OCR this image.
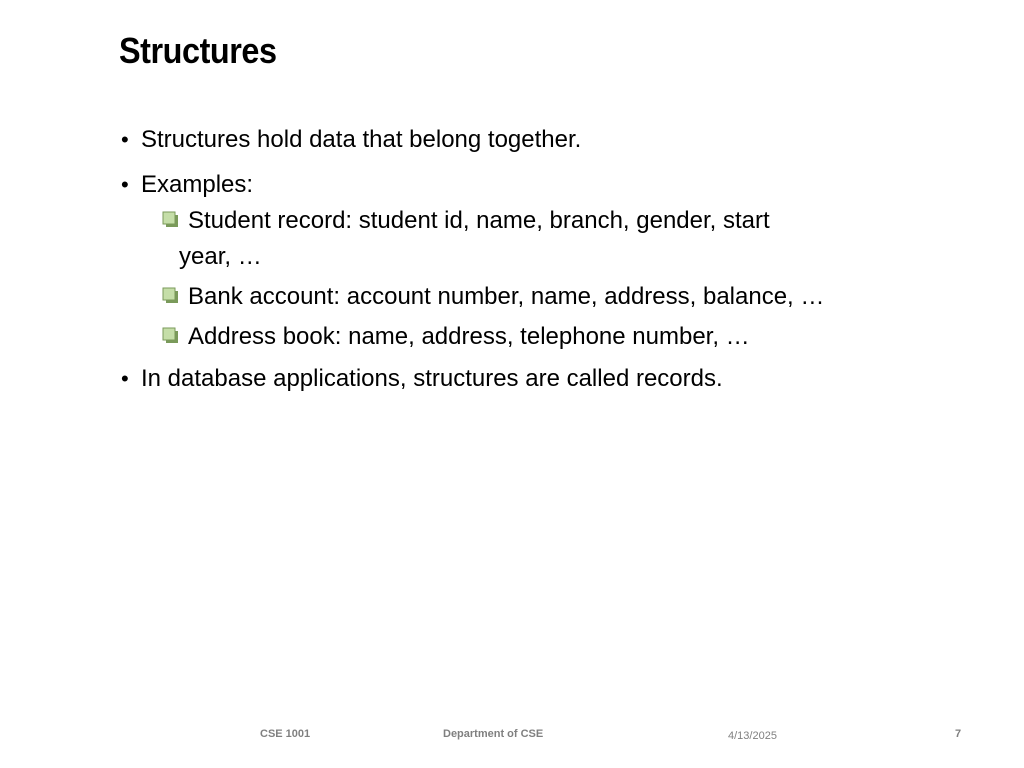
Structures
• Structures hold data that belong together.
• Examples:
Student record: student id, name, branch, gender, start
year, …
Bank account: account number, name, address, balance, …
Address book: name, address, telephone number, …
• In database applications, structures are called records.
CSE 1001	Department of CSE	4/13/2025	7
